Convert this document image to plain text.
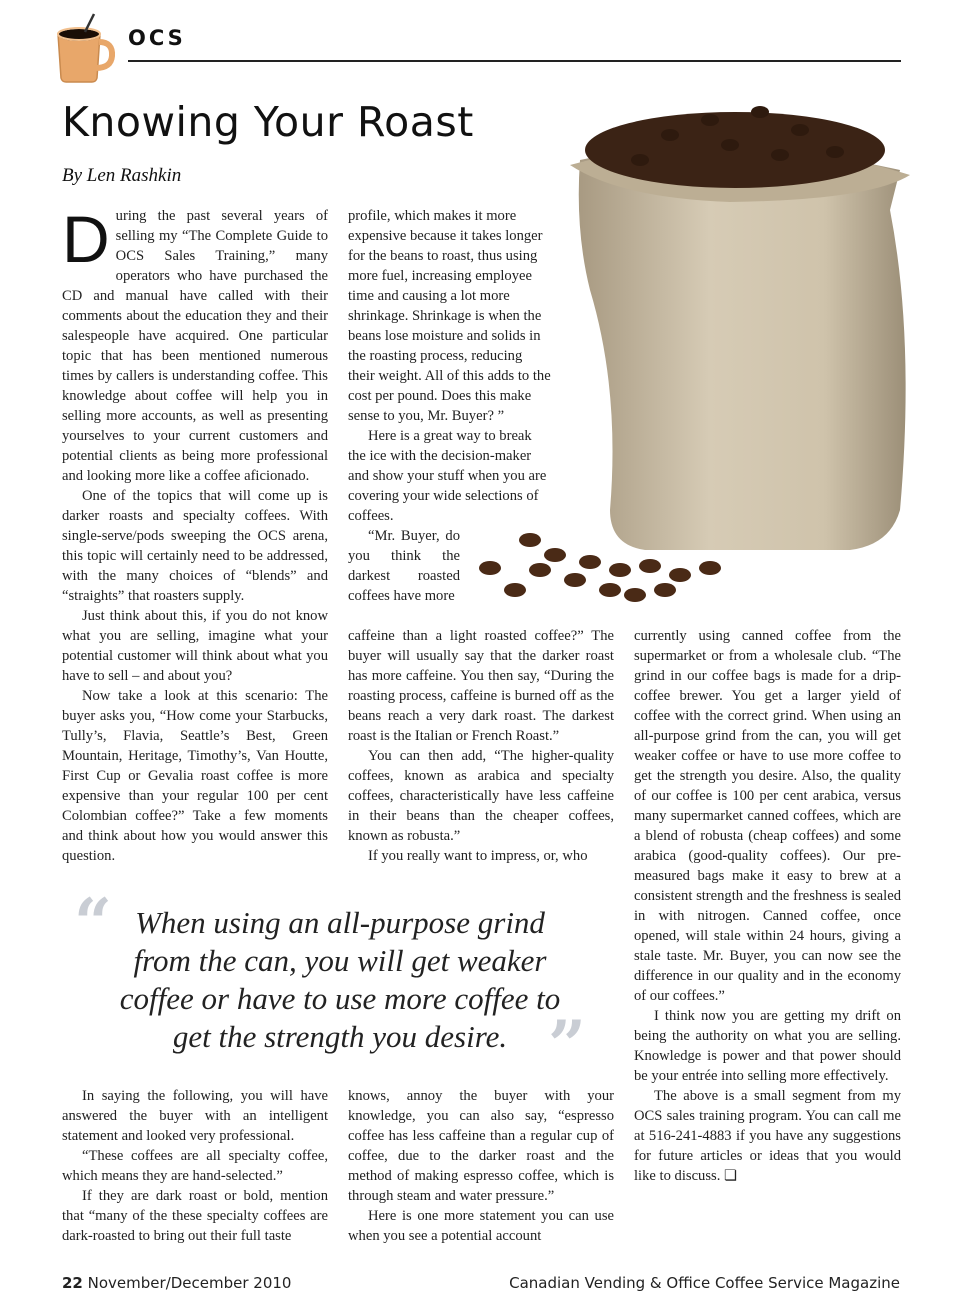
OCS
Knowing Your Roast
By Len Rashkin

During the past several years of selling my “The Complete Guide to OCS Sales Training,” many operators who have purchased the CD and manual have called with their comments about the education they and their salespeople have acquired. One particular topic that has been mentioned numerous times by callers is understanding coffee. This knowledge about coffee will help you in selling more accounts, as well as presenting yourselves to your current customers and potential clients as being more professional and looking more like a coffee aficionado.

One of the topics that will come up is darker roasts and specialty coffees. With single-serve/pods sweeping the OCS arena, this topic will certainly need to be addressed, with the many choices of “blends” and “straights” that roasters supply.

Just think about this, if you do not know what you are selling, imagine what your potential customer will think about what you have to sell – and about you?

Now take a look at this scenario: The buyer asks you, “How come your Starbucks, Tully’s, Flavia, Seattle’s Best, Green Mountain, Heritage, Timothy’s, Van Houtte, First Cup or Gevalia roast coffee is more expensive than your regular 100 per cent Colombian coffee?” Take a few moments and think about how you would answer this question.

profile, which makes it more expensive because it takes longer for the beans to roast, thus using more fuel, increasing employee time and causing a lot more shrinkage. Shrinkage is when the beans lose moisture and solids in the roasting process, reducing their weight. All of this adds to the cost per pound. Does this make sense to you, Mr. Buyer? ”

Here is a great way to break the ice with the decision-maker and show your stuff when you are covering your wide selections of coffees.

“Mr. Buyer, do you think the darkest roasted coffees have more

caffeine than a light roasted coffee?” The buyer will usually say that the darker roast has more caffeine. You then say, “During the roasting process, caffeine is burned off as the beans reach a very dark roast. The darkest roast is the Italian or French Roast.”

You can then add, “The higher-quality coffees, known as arabica and specialty coffees, characteristically have less caffeine in their beans than the cheaper coffees, known as robusta.”

If you really want to impress, or, who

currently using canned coffee from the supermarket or from a wholesale club. “The grind in our coffee bags is made for a drip-coffee brewer. You get a larger yield of coffee with the correct grind. When using an all-purpose grind from the can, you will get weaker coffee or have to use more coffee to get the strength you desire. Also, the quality of our coffee is 100 per cent arabica, versus many supermarket canned coffees, which are a blend of robusta (cheap coffees) and some arabica (good-quality coffees). Our pre-measured bags make it easy to brew at a consistent strength and the freshness is sealed in with nitrogen. Canned coffee, once opened, will stale within 24 hours, giving a stale taste. Mr. Buyer, you can now see the difference in our quality and in the economy of our coffees.”

I think now you are getting my drift on being the authority on what you are selling. Knowledge is power and that power should be your entrée into selling more effectively.

The above is a small segment from my OCS sales training program. You can call me at 516-241-4883 if you have any suggestions for future articles or ideas that you would like to discuss. ❏

“ When using an all-purpose grind
from the can, you will get weaker
coffee or have to use more coffee to
get the strength you desire. ”

In saying the following, you will have answered the buyer with an intelligent statement and looked very professional.

“These coffees are all specialty coffee, which means they are hand-selected.”

If they are dark roast or bold, mention that “many of the these specialty coffees are dark-roasted to bring out their full taste

knows, annoy the buyer with your knowledge, you can also say, “espresso coffee has less caffeine than a regular cup of coffee, due to the darker roast and the method of making espresso coffee, which is through steam and water pressure.”

Here is one more statement you can use when you see a potential account

22 November/December 2010	Canadian Vending & Office Coffee Service Magazine
